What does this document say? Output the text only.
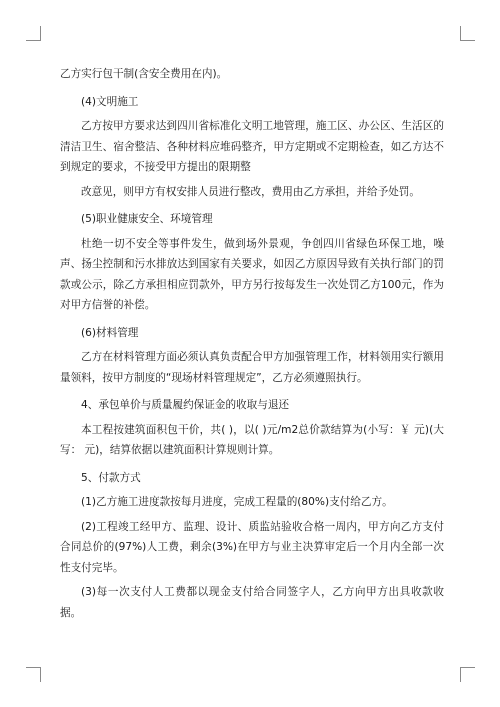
乙方实行包干制(含安全费用在内)。

(4)文明施工

乙方按甲方要求达到四川省标准化文明工地管理，施工区、办公区、生活区的清洁卫生、宿舍整洁、各种材料应堆码整齐，甲方定期或不定期检查，如乙方达不到规定的要求，不接受甲方提出的限期整

改意见，则甲方有权安排人员进行整改，费用由乙方承担，并给予处罚。

(5)职业健康安全、环境管理

杜绝一切不安全等事件发生，做到场外景观，争创四川省绿色环保工地，噪声、扬尘控制和污水排放达到国家有关要求，如因乙方原因导致有关执行部门的罚款或公示，除乙方承担相应罚款外，甲方另行按每发生一次处罚乙方100元，作为对甲方信誉的补偿。

(6)材料管理

乙方在材料管理方面必须认真负责配合甲方加强管理工作，材料领用实行额用量领料，按甲方制度的“现场材料管理规定”，乙方必须遵照执行。

4、承包单价与质量履约保证金的收取与退还

本工程按建筑面积包干价，共( )，以( )元/m2总价款结算为(小写：￥ 元)(大写： 元)，结算依据以建筑面积计算规则计算。

5、付款方式

(1)乙方施工进度款按每月进度，完成工程量的(80%)支付给乙方。

(2)工程竣工经甲方、监理、设计、质监站验收合格一周内，甲方向乙方支付合同总价的(97%)人工费，剩余(3%)在甲方与业主决算审定后一个月内全部一次性支付完毕。

(3)每一次支付人工费都以现金支付给合同签字人，乙方向甲方出具收款收据。
